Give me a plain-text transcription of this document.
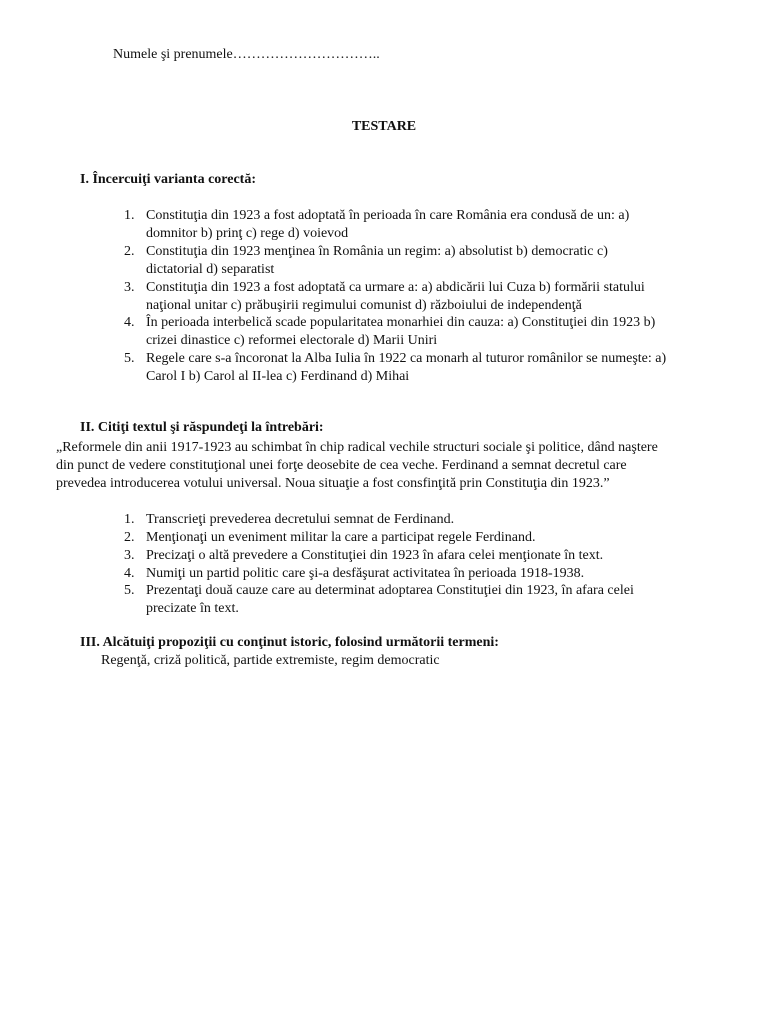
Numele şi prenumele…………………………..
TESTARE
I. Încercuiţi varianta corectă:
1. Constituţia din 1923 a fost adoptată în perioada în care România era condusă de un: a)
domnitor b) prinţ c) rege d) voievod
2. Constituţia din 1923 menţinea în România un regim: a) absolutist b) democratic c)
dictatorial d) separatist
3. Constituţia din 1923 a fost adoptată ca urmare a: a) abdicării lui Cuza b) formării statului
naţional unitar c) prăbuşirii regimului comunist d) războiului de independenţă
4. În perioada interbelică scade popularitatea monarhiei din cauza: a) Constituţiei din 1923 b)
crizei dinastice c) reformei electorale d) Marii Uniri
5. Regele care s-a încoronat la Alba Iulia în 1922 ca monarh al tuturor românilor se numeşte: a)
Carol I b) Carol al II-lea c) Ferdinand d) Mihai
II. Citiţi textul şi răspundeţi la întrebări:
„Reformele din anii 1917-1923 au schimbat în chip radical vechile structuri sociale şi politice, dând naştere
din punct de vedere constituţional unei forţe deosebite de cea veche. Ferdinand a semnat decretul care
prevedea introducerea votului universal. Noua situaţie a fost consfinţită prin Constituţia din 1923.”
1. Transcrieţi prevederea decretului semnat de Ferdinand.
2. Menţionaţi un eveniment militar la care a participat regele Ferdinand.
3. Precizaţi o altă prevedere a Constituţiei din 1923 în afara celei menţionate în text.
4. Numiţi un partid politic care şi-a desfăşurat activitatea în perioada 1918-1938.
5. Prezentaţi două cauze care au determinat adoptarea Constituţiei din 1923, în afara celei
precizate în text.
III. Alcătuiţi propoziţii cu conţinut istoric, folosind următorii termeni:
Regenţă, criză politică, partide extremiste, regim democratic
